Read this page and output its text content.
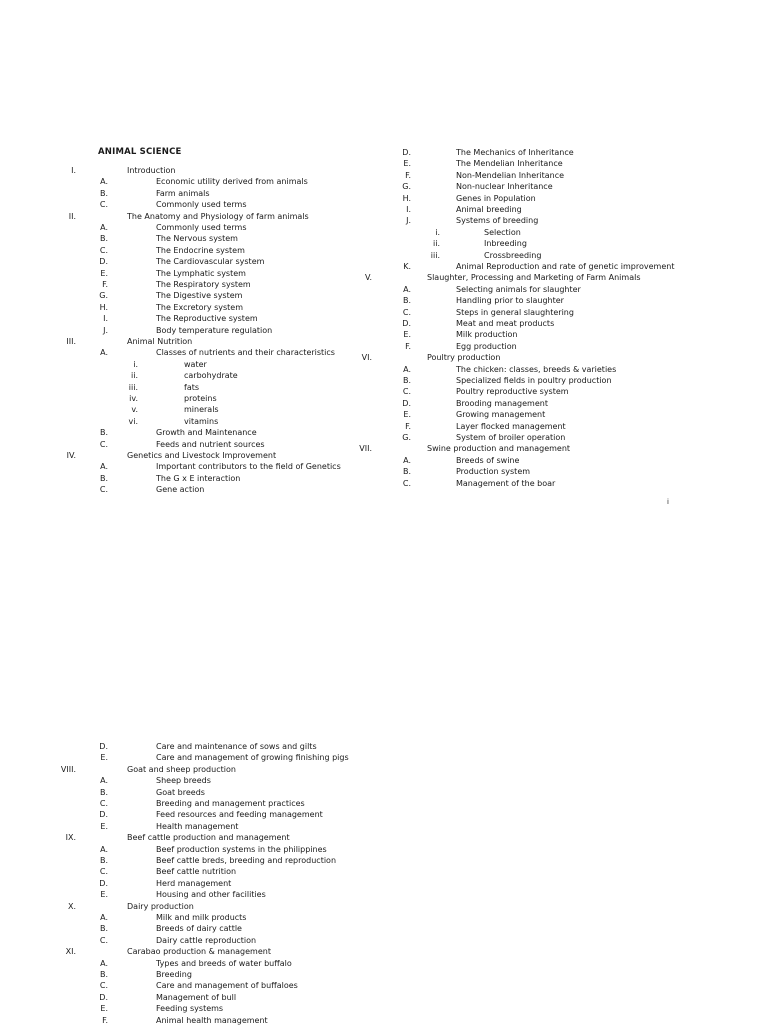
ANIMAL SCIENCE
I.	Introduction
A.	Economic utility derived from animals
B.	Farm animals
C.	Commonly used terms
II.	The Anatomy and Physiology of farm animals
A.	Commonly used terms
B.	The Nervous system
C.	The Endocrine system
D.	The Cardiovascular system
E.	The Lymphatic system
F.	The Respiratory system
G.	The Digestive system
H.	The Excretory system
I.	The Reproductive system
J.	Body temperature regulation
III.	Animal Nutrition
A.	Classes of nutrients and their characteristics
i.	water
ii.	carbohydrate
iii.	fats
iv.	proteins
v.	minerals
vi.	vitamins
B.	Growth and Maintenance
C.	Feeds and nutrient sources
IV.	Genetics and Livestock Improvement
A.	Important contributors to the field of Genetics
B.	The G x E interaction
C.	Gene action
D.	The Mechanics of Inheritance
E.	The Mendelian Inheritance
F.	Non-Mendelian Inheritance
G.	Non-nuclear Inheritance
H.	Genes in Population
I.	Animal breeding
J.	Systems of breeding
i.	Selection
ii.	Inbreeding
iii.	Crossbreeding
K.	Animal Reproduction and rate of genetic improvement
V.	Slaughter, Processing and Marketing of Farm Animals
A.	Selecting animals for slaughter
B.	Handling prior to slaughter
C.	Steps in general slaughtering
D.	Meat and meat products
E.	Milk production
F.	Egg production
VI.	Poultry production
A.	The chicken: classes, breeds & varieties
B.	Specialized fields in poultry production
C.	Poultry reproductive system
D.	Brooding management
E.	Growing management
F.	Layer flocked management
G.	System of broiler operation
VII.	Swine production and management
A.	Breeds of swine
B.	Production system
C.	Management of the boar
D.	Care and maintenance of sows and gilts
E.	Care and management of growing finishing pigs
VIII.	Goat and sheep production
A.	Sheep breeds
B.	Goat breeds
C.	Breeding and management practices
D.	Feed resources and feeding management
E.	Health management
IX.	Beef cattle production and management
A.	Beef production systems in the philippines
B.	Beef cattle breds, breeding and reproduction
C.	Beef cattle nutrition
D.	Herd management
E.	Housing and other facilities
X.	Dairy production
A.	Milk and milk products
B.	Breeds of dairy cattle
C.	Dairy cattle reproduction
XI.	Carabao production & management
A.	Types and breeds of water buffalo
B.	Breeding
C.	Care and management of buffaloes
D.	Management of bull
E.	Feeding systems
F.	Animal health management
i
